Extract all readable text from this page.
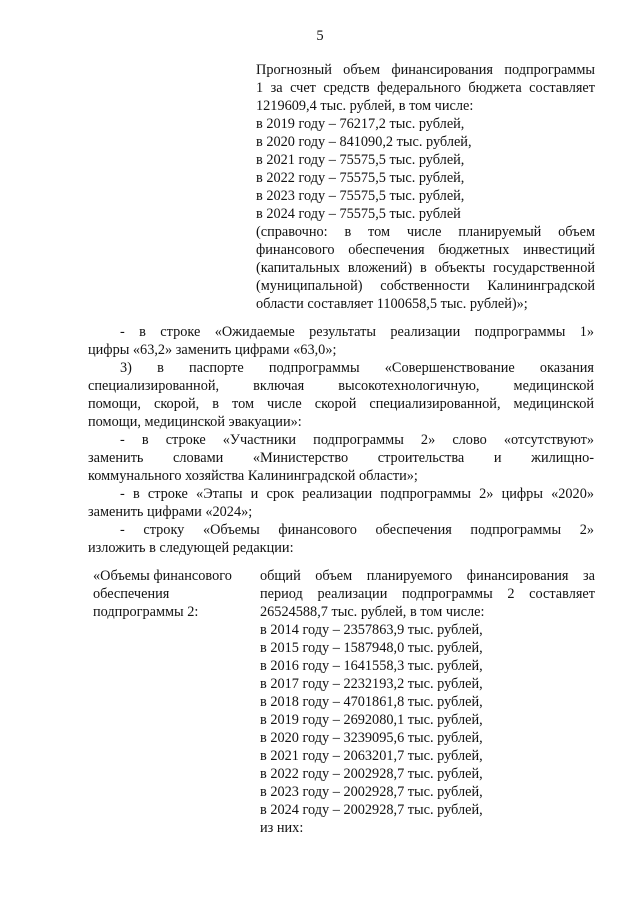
5
Прогнозный объем финансирования подпрограммы
1 за счет средств федерального бюджета составляет
1219609,4 тыс. рублей, в том числе:
в 2019 году – 76217,2 тыс. рублей,
в 2020 году – 841090,2 тыс. рублей,
в 2021 году – 75575,5 тыс. рублей,
в 2022 году – 75575,5 тыс. рублей,
в 2023 году – 75575,5 тыс. рублей,
в 2024 году – 75575,5 тыс. рублей
(справочно: в том числе планируемый объем
финансового обеспечения бюджетных инвестиций
(капитальных вложений) в объекты государственной
(муниципальной) собственности Калининградской
области составляет 1100658,5 тыс. рублей)»;
- в строке «Ожидаемые результаты реализации подпрограммы 1»
цифры «63,2» заменить цифрами «63,0»;
3) в паспорте подпрограммы «Совершенствование оказания
специализированной, включая высокотехнологичную, медицинской
помощи, скорой, в том числе скорой специализированной, медицинской
помощи, медицинской эвакуации»:
- в строке «Участники подпрограммы 2» слово «отсутствуют»
заменить словами «Министерство строительства и жилищно-
коммунального хозяйства Калининградской области»;
- в строке «Этапы и срок реализации подпрограммы 2» цифры «2020»
заменить цифрами «2024»;
- строку «Объемы финансового обеспечения подпрограммы 2»
изложить в следующей редакции:
«Объемы финансового
обеспечения
подпрограммы 2:
общий объем планируемого финансирования за
период реализации подпрограммы 2 составляет
26524588,7 тыс. рублей, в том числе:
в 2014 году – 2357863,9 тыс. рублей,
в 2015 году – 1587948,0 тыс. рублей,
в 2016 году – 1641558,3 тыс. рублей,
в 2017 году – 2232193,2 тыс. рублей,
в 2018 году – 4701861,8 тыс. рублей,
в 2019 году – 2692080,1 тыс. рублей,
в 2020 году – 3239095,6 тыс. рублей,
в 2021 году – 2063201,7 тыс. рублей,
в 2022 году – 2002928,7 тыс. рублей,
в 2023 году – 2002928,7 тыс. рублей,
в 2024 году – 2002928,7 тыс. рублей,
из них:
